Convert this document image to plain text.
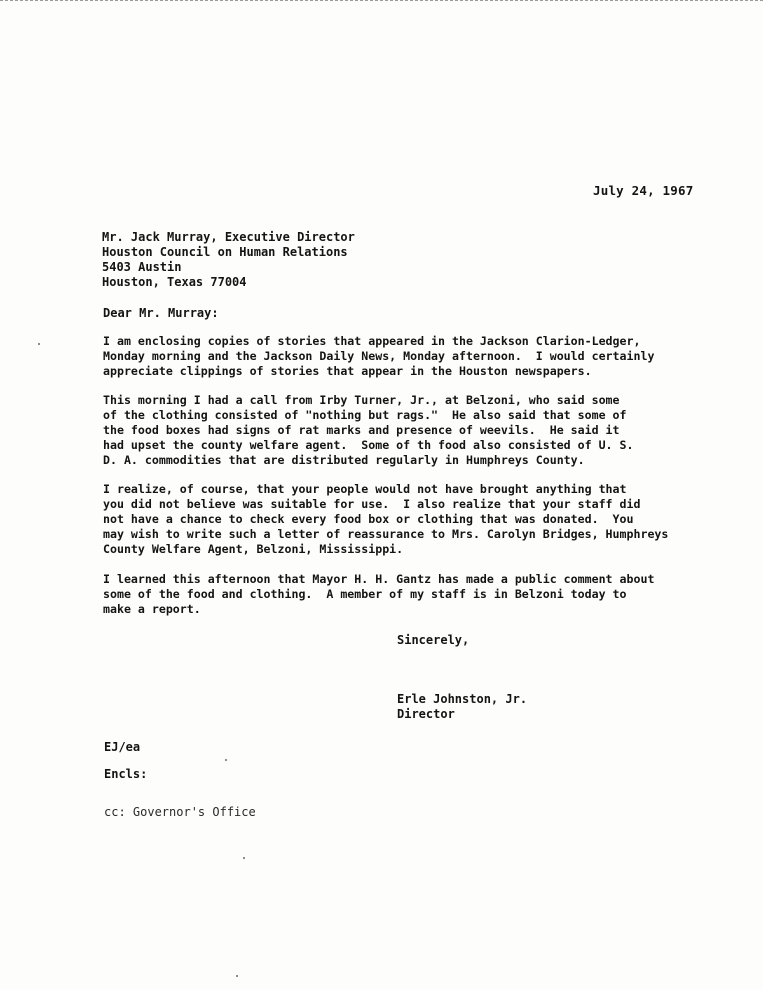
July 24, 1967
Mr. Jack Murray, Executive Director
Houston Council on Human Relations
5403 Austin
Houston, Texas 77004
Dear Mr. Murray:
I am enclosing copies of stories that appeared in the Jackson Clarion-Ledger,
Monday morning and the Jackson Daily News, Monday afternoon.  I would certainly
appreciate clippings of stories that appear in the Houston newspapers.
This morning I had a call from Irby Turner, Jr., at Belzoni, who said some
of the clothing consisted of "nothing but rags."  He also said that some of
the food boxes had signs of rat marks and presence of weevils.  He said it
had upset the county welfare agent.  Some of th food also consisted of U. S.
D. A. commodities that are distributed regularly in Humphreys County.
I realize, of course, that your people would not have brought anything that
you did not believe was suitable for use.  I also realize that your staff did
not have a chance to check every food box or clothing that was donated.  You
may wish to write such a letter of reassurance to Mrs. Carolyn Bridges, Humphreys
County Welfare Agent, Belzoni, Mississippi.
I learned this afternoon that Mayor H. H. Gantz has made a public comment about
some of the food and clothing.  A member of my staff is in Belzoni today to
make a report.
Sincerely,
Erle Johnston, Jr.
Director
EJ/ea
Encls:
cc: Governor's Office
